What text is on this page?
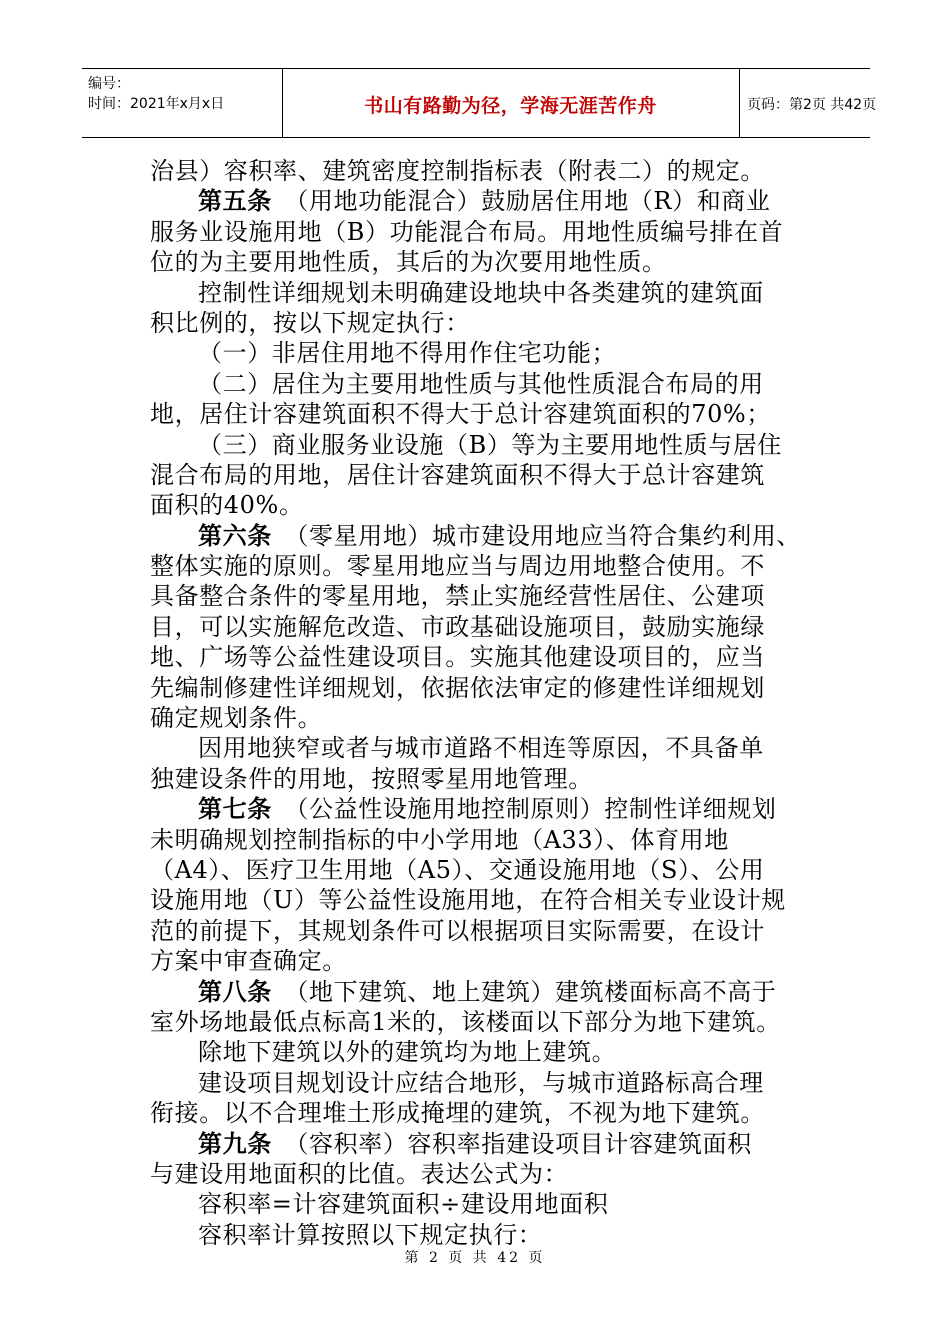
编号：
时间：2021年x月x日	书山有路勤为径，学海无涯苦作舟	页码：第2页 共42页
治县）容积率、建筑密度控制指标表（附表二）的规定。
第五条　 （用地功能混合）鼓励居住用地（R）和商业
服务业设施用地（B）功能混合布局。用地性质编号排在首
位的为主要用地性质，其后的为次要用地性质。
控制性详细规划未明确建设地块中各类建筑的建筑面
积比例的，按以下规定执行：
（一）非居住用地不得用作住宅功能；
（二）居住为主要用地性质与其他性质混合布局的用
地，居住计容建筑面积不得大于总计容建筑面积的70%；
（三）商业服务业设施（B）等为主要用地性质与居住
混合布局的用地，居住计容建筑面积不得大于总计容建筑
面积的40%。
第六条　 （零星用地）城市建设用地应当符合集约利用、
整体实施的原则。零星用地应当与周边用地整合使用。不
具备整合条件的零星用地，禁止实施经营性居住、公建项
目，可以实施解危改造、市政基础设施项目，鼓励实施绿
地、广场等公益性建设项目。实施其他建设项目的，应当
先编制修建性详细规划，依据依法审定的修建性详细规划
确定规划条件。
因用地狭窄或者与城市道路不相连等原因，不具备单
独建设条件的用地，按照零星用地管理。
第七条　 （公益性设施用地控制原则）控制性详细规划
未明确规划控制指标的中小学用地（A33）、体育用地
（A4）、医疗卫生用地（A5）、交通设施用地（S）、公用
设施用地（U）等公益性设施用地，在符合相关专业设计规
范的前提下，其规划条件可以根据项目实际需要，在设计
方案中审查确定。
第八条　 （地下建筑、地上建筑）建筑楼面标高不高于
室外场地最低点标高1米的，该楼面以下部分为地下建筑。
除地下建筑以外的建筑均为地上建筑。
建设项目规划设计应结合地形，与城市道路标高合理
衔接。以不合理堆土形成掩埋的建筑，不视为地下建筑。
第九条　 （容积率）容积率指建设项目计容建筑面积
与建设用地面积的比值。表达公式为：
容积率=计容建筑面积÷建设用地面积
容积率计算按照以下规定执行：
第 2 页 共 42 页
